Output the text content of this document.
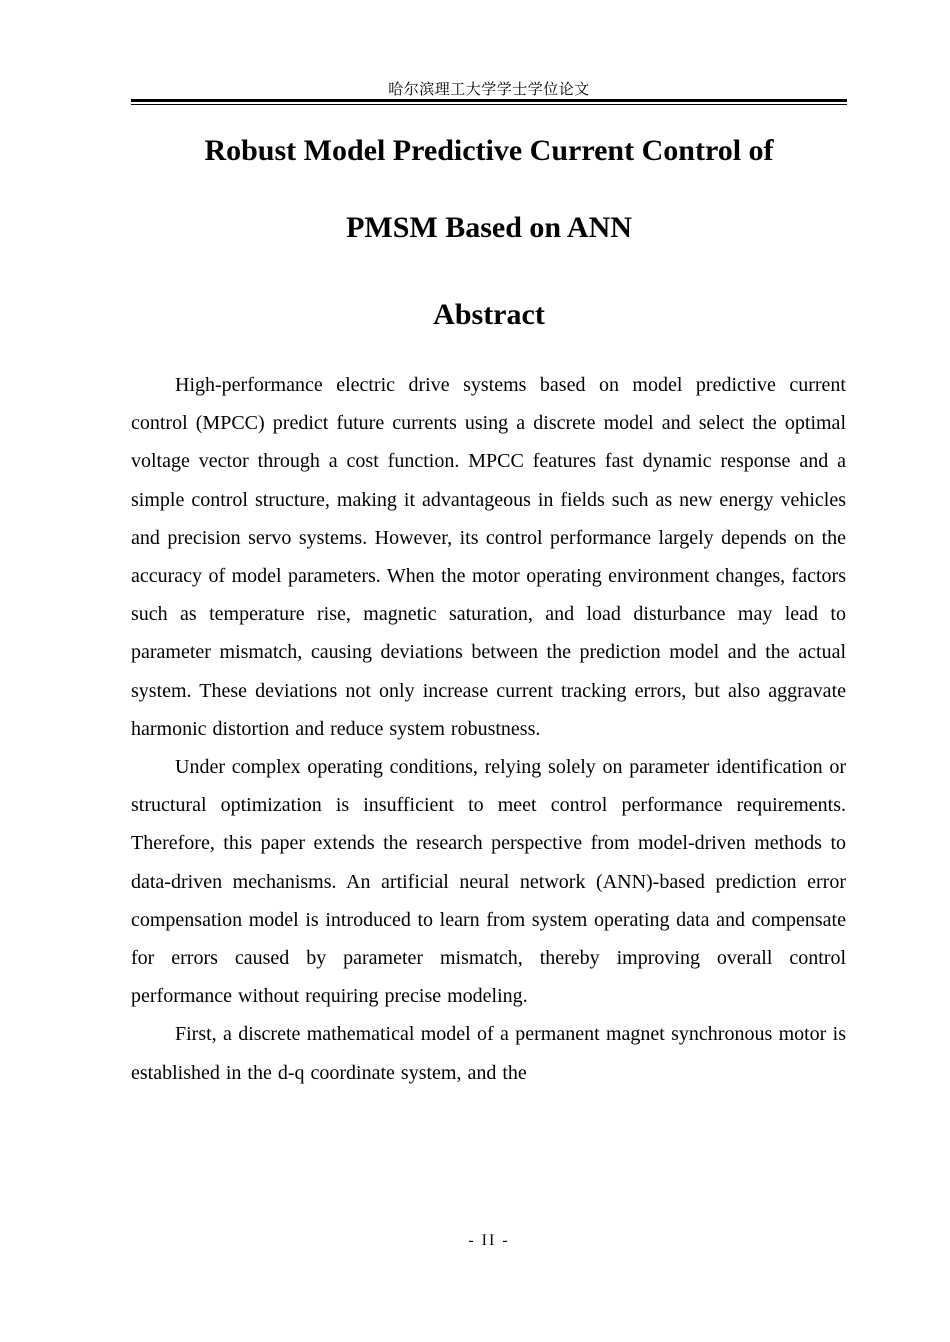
哈尔滨理工大学学士学位论文
Robust Model Predictive Current Control of
PMSM Based on ANN
Abstract

High-performance electric drive systems based on model predictive current control (MPCC) predict future currents using a discrete model and select the optimal voltage vector through a cost function. MPCC features fast dynamic response and a simple control structure, making it advantageous in fields such as new energy vehicles and precision servo systems. However, its control performance largely depends on the accuracy of model parameters. When the motor operating environment changes, factors such as temperature rise, magnetic saturation, and load disturbance may lead to parameter mismatch, causing deviations between the prediction model and the actual system. These deviations not only increase current tracking errors, but also aggravate harmonic distortion and reduce system robustness.

Under complex operating conditions, relying solely on parameter identification or structural optimization is insufficient to meet control performance requirements. Therefore, this paper extends the research perspective from model-driven methods to data-driven mechanisms. An artificial neural network (ANN)-based prediction error compensation model is introduced to learn from system operating data and compensate for errors caused by parameter mismatch, thereby improving overall control performance without requiring precise modeling.

First, a discrete mathematical model of a permanent magnet synchronous motor is established in the d-q coordinate system, and the

- II -
